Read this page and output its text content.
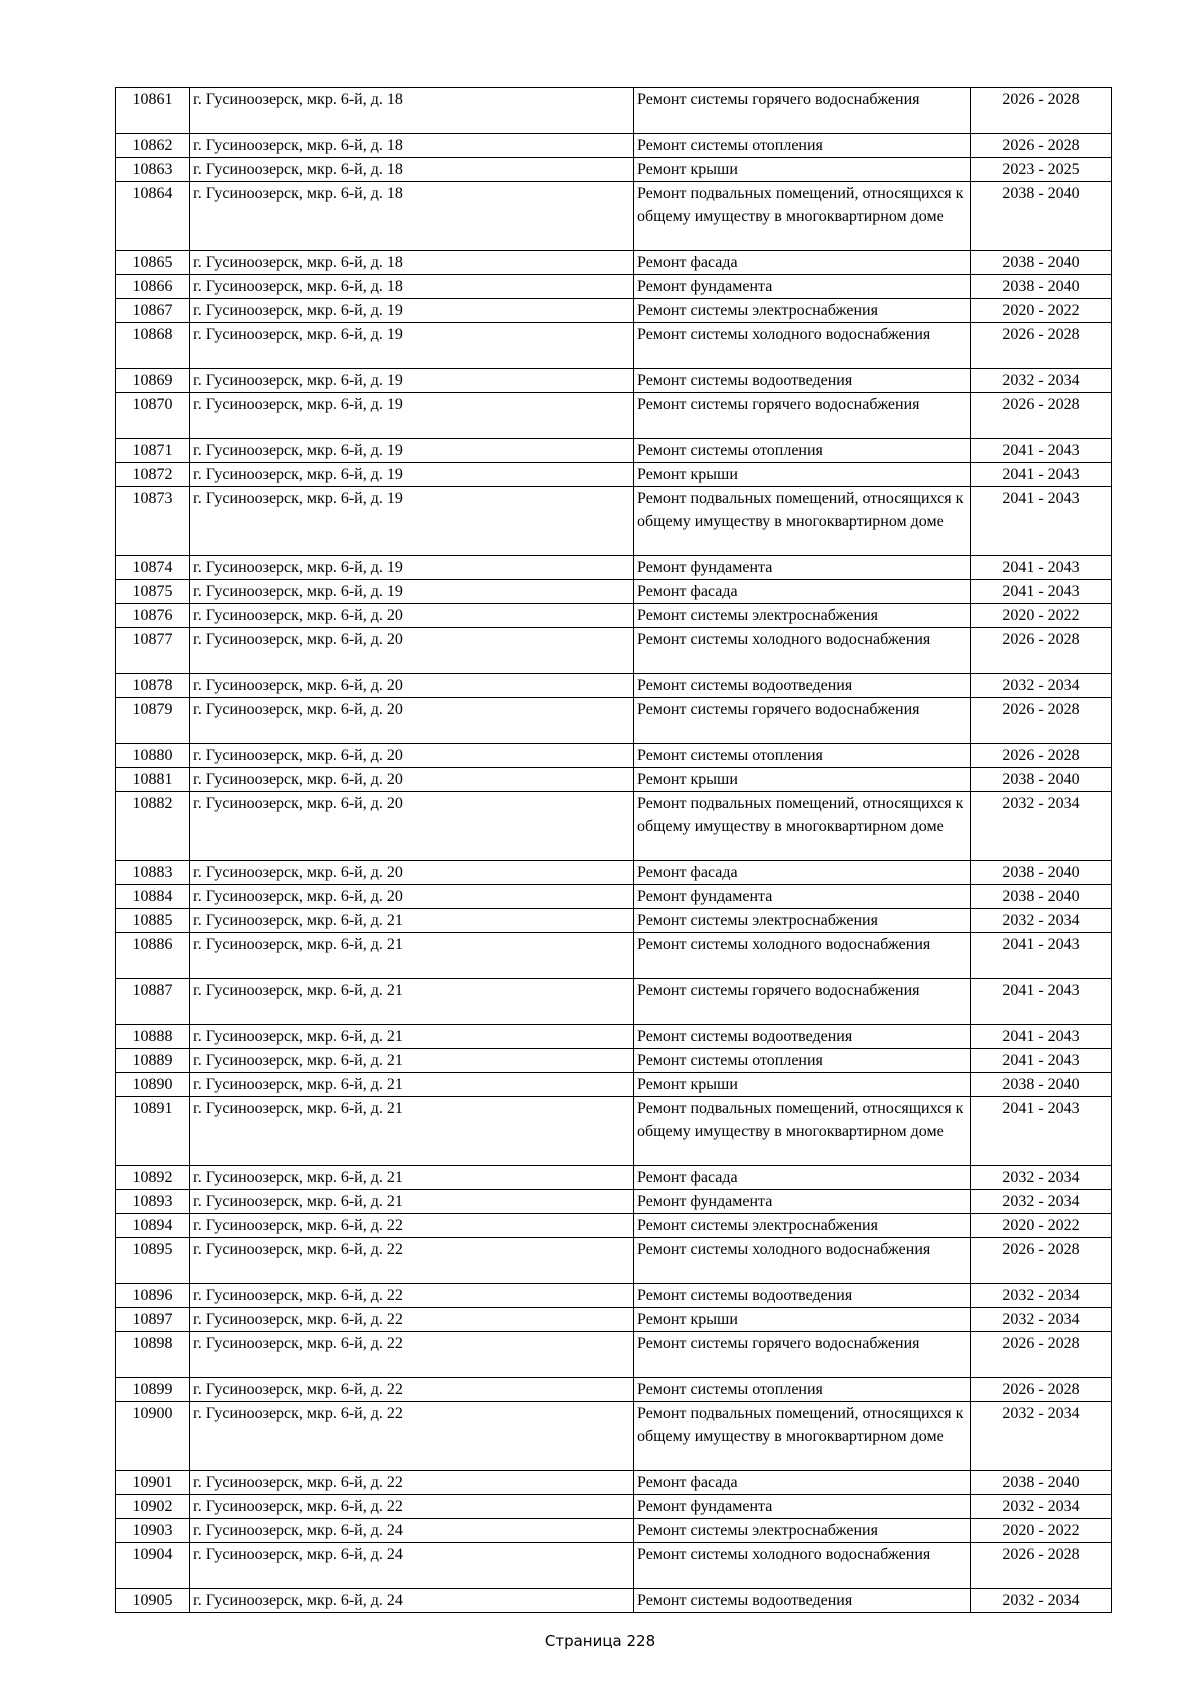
10861	г. Гусиноозерск, мкр. 6-й, д. 18	Ремонт системы горячего водоснабжения	2026 - 2028
10862	г. Гусиноозерск, мкр. 6-й, д. 18	Ремонт системы отопления	2026 - 2028
10863	г. Гусиноозерск, мкр. 6-й, д. 18	Ремонт крыши	2023 - 2025
10864	г. Гусиноозерск, мкр. 6-й, д. 18	Ремонт подвальных помещений, относящихся к общему имуществу в многоквартирном доме	2038 - 2040
10865	г. Гусиноозерск, мкр. 6-й, д. 18	Ремонт фасада	2038 - 2040
10866	г. Гусиноозерск, мкр. 6-й, д. 18	Ремонт фундамента	2038 - 2040
10867	г. Гусиноозерск, мкр. 6-й, д. 19	Ремонт системы электроснабжения	2020 - 2022
10868	г. Гусиноозерск, мкр. 6-й, д. 19	Ремонт системы холодного водоснабжения	2026 - 2028
10869	г. Гусиноозерск, мкр. 6-й, д. 19	Ремонт системы водоотведения	2032 - 2034
10870	г. Гусиноозерск, мкр. 6-й, д. 19	Ремонт системы горячего водоснабжения	2026 - 2028
10871	г. Гусиноозерск, мкр. 6-й, д. 19	Ремонт системы отопления	2041 - 2043
10872	г. Гусиноозерск, мкр. 6-й, д. 19	Ремонт крыши	2041 - 2043
10873	г. Гусиноозерск, мкр. 6-й, д. 19	Ремонт подвальных помещений, относящихся к общему имуществу в многоквартирном доме	2041 - 2043
10874	г. Гусиноозерск, мкр. 6-й, д. 19	Ремонт фундамента	2041 - 2043
10875	г. Гусиноозерск, мкр. 6-й, д. 19	Ремонт фасада	2041 - 2043
10876	г. Гусиноозерск, мкр. 6-й, д. 20	Ремонт системы электроснабжения	2020 - 2022
10877	г. Гусиноозерск, мкр. 6-й, д. 20	Ремонт системы холодного водоснабжения	2026 - 2028
10878	г. Гусиноозерск, мкр. 6-й, д. 20	Ремонт системы водоотведения	2032 - 2034
10879	г. Гусиноозерск, мкр. 6-й, д. 20	Ремонт системы горячего водоснабжения	2026 - 2028
10880	г. Гусиноозерск, мкр. 6-й, д. 20	Ремонт системы отопления	2026 - 2028
10881	г. Гусиноозерск, мкр. 6-й, д. 20	Ремонт крыши	2038 - 2040
10882	г. Гусиноозерск, мкр. 6-й, д. 20	Ремонт подвальных помещений, относящихся к общему имуществу в многоквартирном доме	2032 - 2034
10883	г. Гусиноозерск, мкр. 6-й, д. 20	Ремонт фасада	2038 - 2040
10884	г. Гусиноозерск, мкр. 6-й, д. 20	Ремонт фундамента	2038 - 2040
10885	г. Гусиноозерск, мкр. 6-й, д. 21	Ремонт системы электроснабжения	2032 - 2034
10886	г. Гусиноозерск, мкр. 6-й, д. 21	Ремонт системы холодного водоснабжения	2041 - 2043
10887	г. Гусиноозерск, мкр. 6-й, д. 21	Ремонт системы горячего водоснабжения	2041 - 2043
10888	г. Гусиноозерск, мкр. 6-й, д. 21	Ремонт системы водоотведения	2041 - 2043
10889	г. Гусиноозерск, мкр. 6-й, д. 21	Ремонт системы отопления	2041 - 2043
10890	г. Гусиноозерск, мкр. 6-й, д. 21	Ремонт крыши	2038 - 2040
10891	г. Гусиноозерск, мкр. 6-й, д. 21	Ремонт подвальных помещений, относящихся к общему имуществу в многоквартирном доме	2041 - 2043
10892	г. Гусиноозерск, мкр. 6-й, д. 21	Ремонт фасада	2032 - 2034
10893	г. Гусиноозерск, мкр. 6-й, д. 21	Ремонт фундамента	2032 - 2034
10894	г. Гусиноозерск, мкр. 6-й, д. 22	Ремонт системы электроснабжения	2020 - 2022
10895	г. Гусиноозерск, мкр. 6-й, д. 22	Ремонт системы холодного водоснабжения	2026 - 2028
10896	г. Гусиноозерск, мкр. 6-й, д. 22	Ремонт системы водоотведения	2032 - 2034
10897	г. Гусиноозерск, мкр. 6-й, д. 22	Ремонт крыши	2032 - 2034
10898	г. Гусиноозерск, мкр. 6-й, д. 22	Ремонт системы горячего водоснабжения	2026 - 2028
10899	г. Гусиноозерск, мкр. 6-й, д. 22	Ремонт системы отопления	2026 - 2028
10900	г. Гусиноозерск, мкр. 6-й, д. 22	Ремонт подвальных помещений, относящихся к общему имуществу в многоквартирном доме	2032 - 2034
10901	г. Гусиноозерск, мкр. 6-й, д. 22	Ремонт фасада	2038 - 2040
10902	г. Гусиноозерск, мкр. 6-й, д. 22	Ремонт фундамента	2032 - 2034
10903	г. Гусиноозерск, мкр. 6-й, д. 24	Ремонт системы электроснабжения	2020 - 2022
10904	г. Гусиноозерск, мкр. 6-й, д. 24	Ремонт системы холодного водоснабжения	2026 - 2028
10905	г. Гусиноозерск, мкр. 6-й, д. 24	Ремонт системы водоотведения	2032 - 2034
Страница 228
